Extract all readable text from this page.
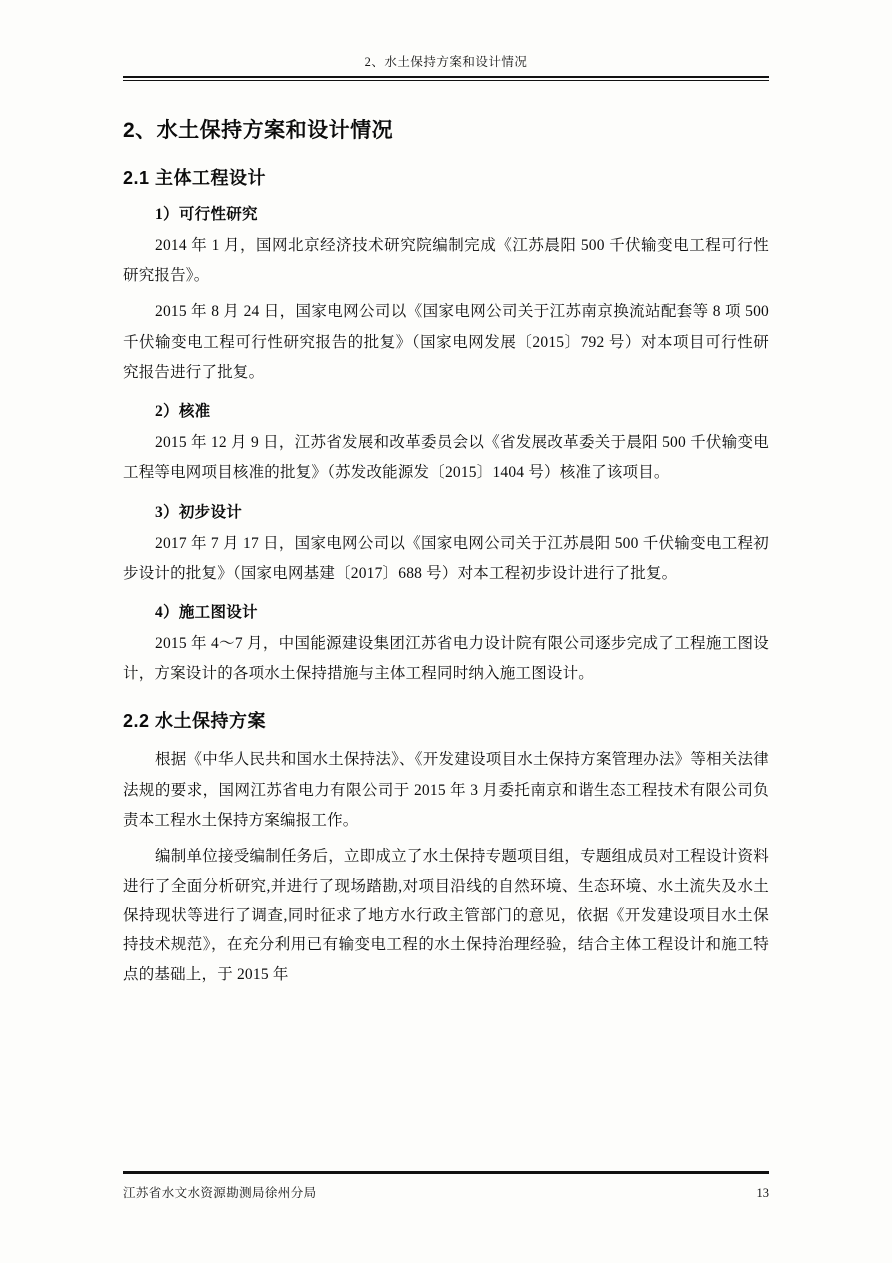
2、水土保持方案和设计情况
2、水土保持方案和设计情况
2.1 主体工程设计
1）可行性研究

2014 年 1 月，国网北京经济技术研究院编制完成《江苏晨阳 500 千伏输变电工程可行性研究报告》。

2015 年 8 月 24 日，国家电网公司以《国家电网公司关于江苏南京换流站配套等 8 项 500 千伏输变电工程可行性研究报告的批复》（国家电网发展〔2015〕792 号）对本项目可行性研究报告进行了批复。

2）核准

2015 年 12 月 9 日，江苏省发展和改革委员会以《省发展改革委关于晨阳 500 千伏输变电工程等电网项目核准的批复》（苏发改能源发〔2015〕1404 号）核准了该项目。

3）初步设计

2017 年 7 月 17 日，国家电网公司以《国家电网公司关于江苏晨阳 500 千伏输变电工程初步设计的批复》（国家电网基建〔2017〕688 号）对本工程初步设计进行了批复。

4）施工图设计

2015 年 4～7 月，中国能源建设集团江苏省电力设计院有限公司逐步完成了工程施工图设计，方案设计的各项水土保持措施与主体工程同时纳入施工图设计。

2.2 水土保持方案

根据《中华人民共和国水土保持法》、《开发建设项目水土保持方案管理办法》等相关法律法规的要求，国网江苏省电力有限公司于 2015 年 3 月委托南京和谐生态工程技术有限公司负责本工程水土保持方案编报工作。

编制单位接受编制任务后，立即成立了水土保持专题项目组，专题组成员对工程设计资料进行了全面分析研究,并进行了现场踏勘,对项目沿线的自然环境、生态环境、水土流失及水土保持现状等进行了调查,同时征求了地方水行政主管部门的意见，依据《开发建设项目水土保持技术规范》，在充分利用已有输变电工程的水土保持治理经验，结合主体工程设计和施工特点的基础上，于 2015 年

江苏省水文水资源勘测局徐州分局	13
